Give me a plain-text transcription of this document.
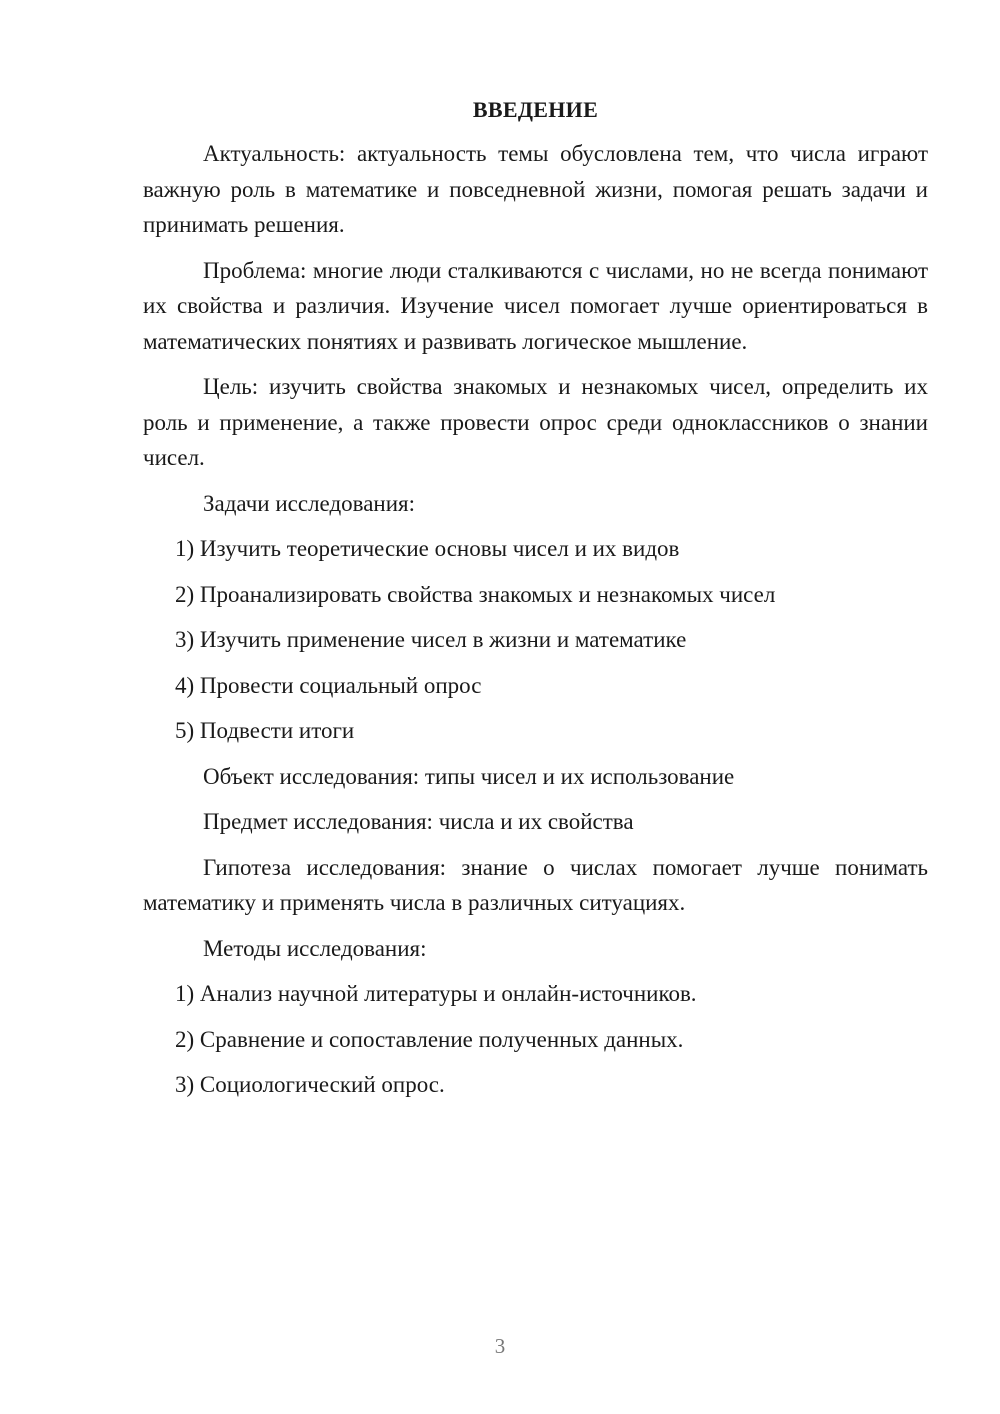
ВВЕДЕНИЕ

Актуальность: актуальность темы обусловлена тем, что числа играют важную роль в математике и повседневной жизни, помогая решать задачи и принимать решения.

Проблема: многие люди сталкиваются с числами, но не всегда понимают их свойства и различия. Изучение чисел помогает лучше ориентироваться в математических понятиях и развивать логическое мышление.

Цель: изучить свойства знакомых и незнакомых чисел, определить их роль и применение, а также провести опрос среди одноклассников о знании чисел.

Задачи исследования:

1) Изучить теоретические основы чисел и их видов

2) Проанализировать свойства знакомых и незнакомых чисел

3) Изучить применение чисел в жизни и математике

4) Провести социальный опрос

5) Подвести итоги

Объект исследования: типы чисел и их использование

Предмет исследования: числа и их свойства

Гипотеза исследования: знание о числах помогает лучше понимать математику и применять числа в различных ситуациях.

Методы исследования:

1) Анализ научной литературы и онлайн-источников.

2) Сравнение и сопоставление полученных данных.

3) Социологический опрос.

3
